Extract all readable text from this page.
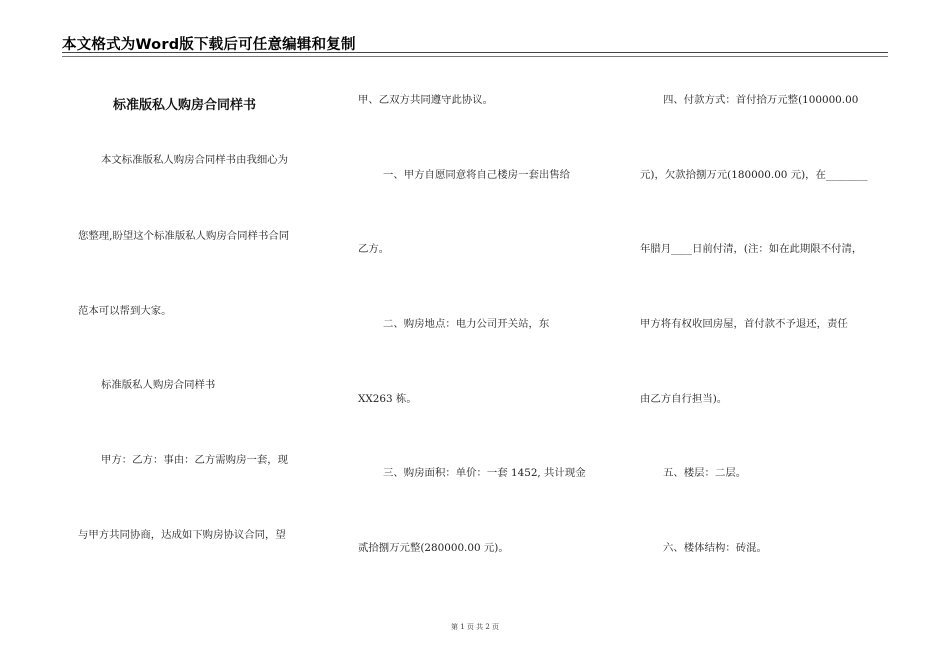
本文格式为Word版下载后可任意编辑和复制
标准版私人购房合同样书
本文标准版私人购房合同样书由我细心为
您整理,盼望这个标准版私人购房合同样书合同
范本可以帮到大家。
标准版私人购房合同样书
甲方：乙方：事由：乙方需购房一套，现
与甲方共同协商，达成如下购房协议合同，望
甲、乙双方共同遵守此协议。
一、甲方自愿同意将自己楼房一套出售给
乙方。
二、购房地点：电力公司开关站，东
XX263 栋。
三、购房面积：单价：一套 1452, 共计现金
贰拾捌万元整(280000.00 元)。
四、付款方式：首付拾万元整(100000.00
元)，欠款拾捌万元(180000.00 元)，在________
年腊月____日前付清，(注：如在此期限不付清，
甲方将有权收回房屋，首付款不予退还，责任
由乙方自行担当)。
五、楼层：二层。
六、楼体结构：砖混。
第 1 页 共 2 页
